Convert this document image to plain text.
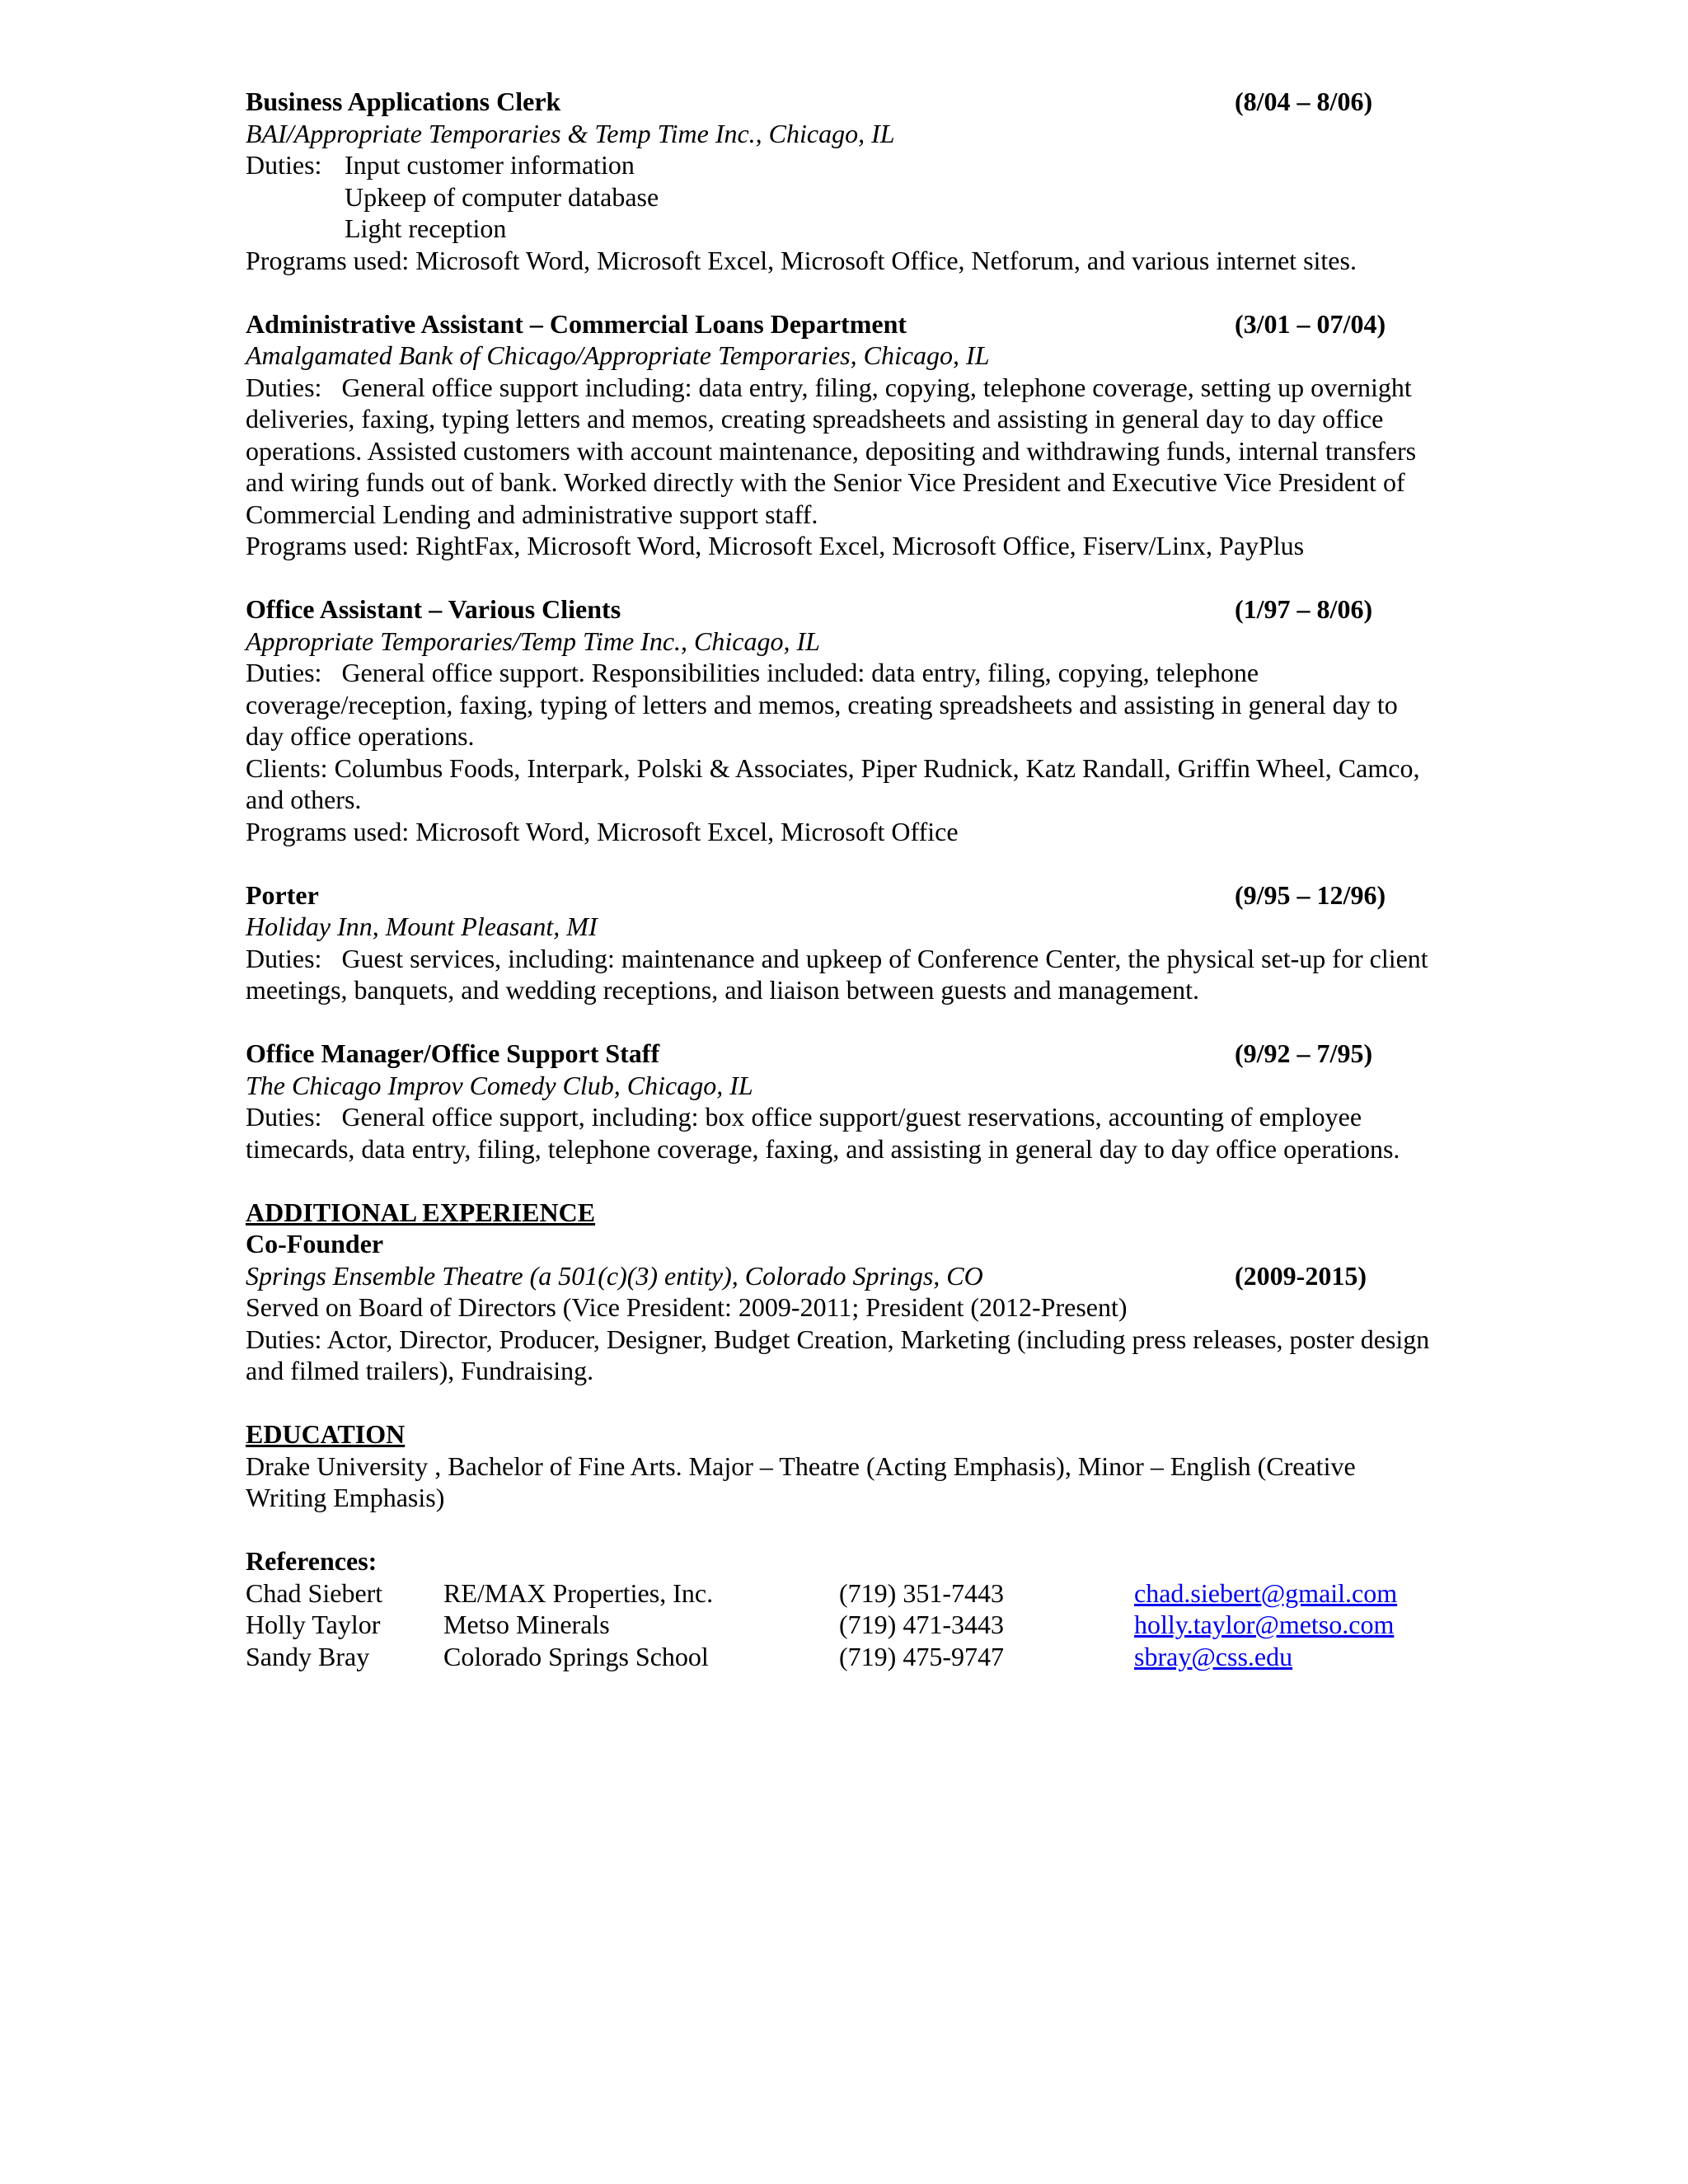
Business Applications Clerk	(8/04 – 8/06)
BAI/Appropriate Temporaries & Temp Time Inc., Chicago, IL
Duties: Input customer information
Upkeep of computer database
Light reception
Programs used: Microsoft Word, Microsoft Excel, Microsoft Office, Netforum, and various internet sites.
Administrative Assistant – Commercial Loans Department	(3/01 – 07/04)
Amalgamated Bank of Chicago/Appropriate Temporaries, Chicago, IL
Duties:   General office support including: data entry, filing, copying, telephone coverage, setting up overnight deliveries, faxing, typing letters and memos, creating spreadsheets and assisting in general day to day office operations. Assisted customers with account maintenance, depositing and withdrawing funds, internal transfers and wiring funds out of bank. Worked directly with the Senior Vice President and Executive Vice President of Commercial Lending and administrative support staff.
Programs used: RightFax, Microsoft Word, Microsoft Excel, Microsoft Office, Fiserv/Linx, PayPlus
Office Assistant – Various Clients	(1/97 – 8/06)
Appropriate Temporaries/Temp Time Inc., Chicago, IL
Duties:   General office support. Responsibilities included: data entry, filing, copying, telephone coverage/reception, faxing, typing of letters and memos, creating spreadsheets and assisting in general day to day office operations.
Clients: Columbus Foods, Interpark, Polski & Associates, Piper Rudnick, Katz Randall, Griffin Wheel, Camco, and others.
Programs used: Microsoft Word, Microsoft Excel, Microsoft Office
Porter	(9/95 – 12/96)
Holiday Inn, Mount Pleasant, MI
Duties:   Guest services, including: maintenance and upkeep of Conference Center, the physical set-up for client meetings, banquets, and wedding receptions, and liaison between guests and management.
Office Manager/Office Support Staff	(9/92 – 7/95)
The Chicago Improv Comedy Club, Chicago, IL
Duties:   General office support, including: box office support/guest reservations, accounting of employee timecards, data entry, filing, telephone coverage, faxing, and assisting in general day to day office operations.
ADDITIONAL EXPERIENCE
Co-Founder
Springs Ensemble Theatre (a 501(c)(3) entity), Colorado Springs, CO	(2009-2015)
Served on Board of Directors (Vice President: 2009-2011; President (2012-Present)
Duties: Actor, Director, Producer, Designer, Budget Creation, Marketing (including press releases, poster design and filmed trailers), Fundraising.
EDUCATION
Drake University , Bachelor of Fine Arts. Major – Theatre (Acting Emphasis), Minor – English (Creative Writing Emphasis)
References:
Chad Siebert	RE/MAX Properties, Inc.	(719) 351-7443	chad.siebert@gmail.com
Holly Taylor	Metso Minerals	(719) 471-3443	holly.taylor@metso.com
Sandy Bray	Colorado Springs School	(719) 475-9747	sbray@css.edu
